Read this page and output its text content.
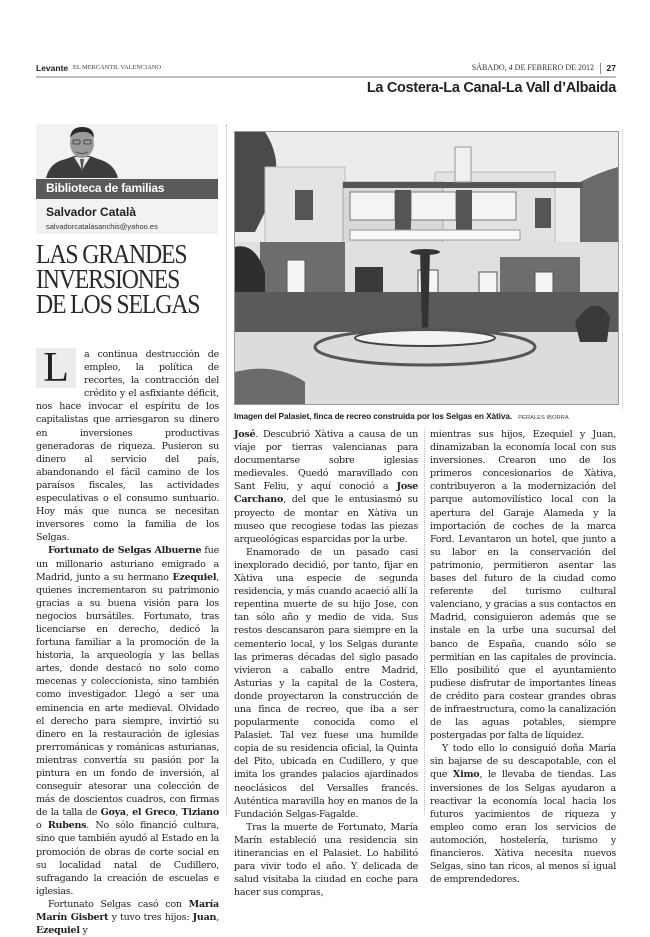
Levante EL MERCANTIL VALENCIANO	SÁBADO, 4 DE FEBRERO DE 2012 27
La Costera-La Canal-La Vall d’Albaida
Biblioteca de familias
Salvador Català
salvadorcatalasanchis@yahoo.es
LAS GRANDES
INVERSIONES
DE LOS SELGAS
Imagen del Palasiet, finca de recreo construida por los Selgas en Xàtiva. PERALES IBORRA

L	a continua destrucción de empleo, la política de recortes, la contracción del crédito y el asfixiante déficit, nos hace invocar el espíritu de los capitalistas que arriesgaron su dinero en inversiones productivas generadoras de riqueza. Pusieron su dinero al servicio del país, abandonando el fácil camino de los paraísos fiscales, las actividades especulativas o el consumo suntuario. Hoy más que nunca se necesitan inversores como la familia de los Selgas.

Fortunato de Selgas Albuerne fue un millonario asturiano emigrado a Madrid, junto a su hermano Ezequiel, quienes incrementaron su patrimonio gracias a su buena visión para los negocios bursátiles. Fortunato, tras licenciarse en derecho, dedicó la fortuna familiar a la promoción de la historia, la arqueología y las bellas artes, donde destacó no solo como mecenas y coleccionista, sino también como investigador. Llegó a ser una eminencia en arte medieval. Olvidado el derecho para siempre, invirtió su dinero en la restauración de iglesias prerrománicas y románicas asturianas, mientras convertía su pasión por la pintura en un fondo de inversión, al conseguir atesorar una colección de más de doscientos cuadros, con firmas de la talla de Goya, el Greco, Tiziano o Rubens. No sólo financió cultura, sino que también ayudó al Estado en la promoción de obras de corte social en su localidad natal de Cudillero, sufragando la creación de escuelas e iglesias.

Fortunato Selgas casó con María Marín Gisbert y tuvo tres hijos: Juan, Ezequiel y

José. Descubrió Xàtiva a causa de un viaje por tierras valencianas para documentarse sobre iglesias medievales. Quedó maravillado con Sant Feliu, y aquí conoció a Jose Carchano, del que le entusiasmó su proyecto de montar en Xàtiva un museo que recogiese todas las piezas arqueológicas esparcidas por la urbe.

Enamorado de un pasado casi inexplorado decidió, por tanto, fijar en Xàtiva una especie de segunda residencia, y más cuando acaeció allí la repentina muerte de su hijo Jose, con tan sólo año y medio de vida. Sus restos descansaron para siempre en la cementerio local, y los Selgas durante las primeras décadas del siglo pasado vivieron a caballo entre Madrid, Asturias y la capital de la Costera, donde proyectaron la construcción de una finca de recreo, que iba a ser popularmente conocida como el Palasiet. Tal vez fuese una humilde copia de su residencia oficial, la Quinta del Pito, ubicada en Cudillero, y que imita los grandes palacios ajardinados neoclásicos del Versalles francés. Auténtica maravilla hoy en manos de la Fundación Selgas-Fagalde.

Tras la muerte de Fortunato, María Marín estableció una residencia sin itinerancias en el Palasiet. Lo habilitó para vivir todo el año. Y delicada de salud visitaba la ciudad en coche para hacer sus compras,

mientras sus hijos, Ezequiel y Juan, dinamizaban la economía local con sus inversiones. Crearon uno de los primeros concesionarios de Xàtiva, contribuyeron a la modernización del parque automovilístico local con la apertura del Garaje Alameda y la importación de coches de la marca Ford. Levantaron un hotel, que junto a su labor en la conservación del patrimonio, permitieron asentar las bases del futuro de la ciudad como referente del turismo cultural valenciano, y gracias a sus contactos en Madrid, consiguieron además que se instale en la urbe una sucursal del banco de España, cuando sólo se permitían en las capitales de provincia. Ello posibilitó que el ayuntamiento pudiese disfrutar de importantes líneas de crédito para costear grandes obras de infraestructura, como la canalización de las aguas potables, siempre postergadas por falta de líquidez.

Y todo ello lo consiguió doña María sin bajarse de su descapotable, con el que Ximo, le llevaba de tiendas. Las inversiones de los Selgas ayudaron a reactivar la economía local hacia los futuros yacimientos de riqueza y empleo como eran los servicios de automoción, hostelería, turismo y financieros. Xàtiva necesita nuevos Selgas, sino tan ricos, al menos sí igual de emprendedores.
